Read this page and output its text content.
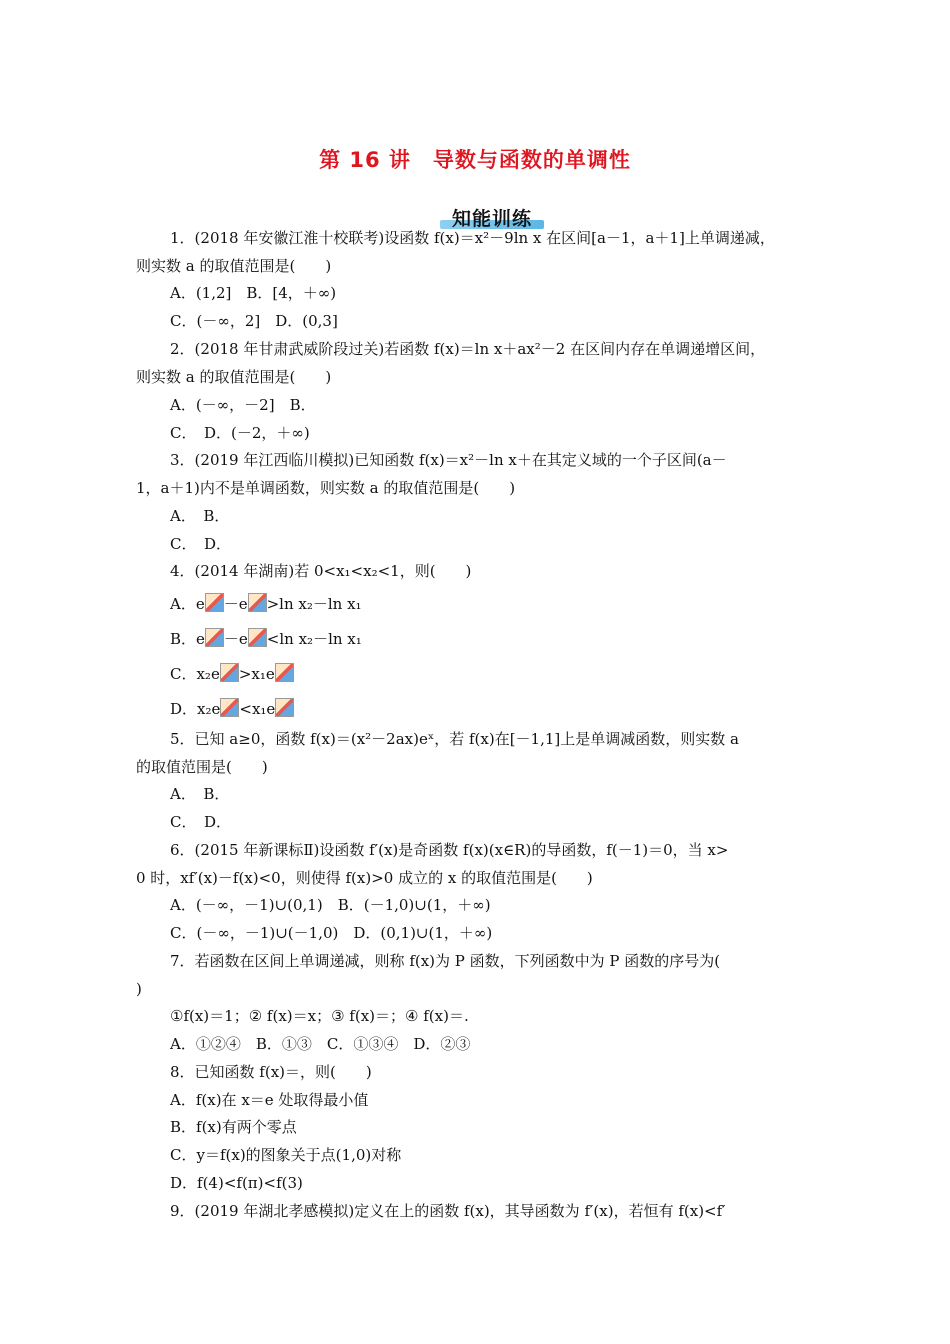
第 16 讲　导数与函数的单调性
知能训练
1．(2018 年安徽江淮十校联考)设函数 f(x)＝x²－9ln x 在区间[a－1，a＋1]上单调递减，
则实数 a 的取值范围是(　　)
A．(1,2]　B．[4，＋∞)
C．(－∞，2]　D．(0,3]
2．(2018 年甘肃武威阶段过关)若函数 f(x)＝ln x＋ax²－2 在区间内存在单调递增区间，
则实数 a 的取值范围是(　　)
A．(－∞，－2]　B．
C．　D．(－2，＋∞)
3．(2019 年江西临川模拟)已知函数 f(x)＝x²－ln x＋在其定义域的一个子区间(a－
1，a＋1)内不是单调函数，则实数 a 的取值范围是(　　)
A．　B．
C．　D．
4．(2014 年湖南)若 0<x₁<x₂<1，则(　　)
A．e －e >ln x₂－ln x₁
B．e －e <ln x₂－ln x₁
C．x₂e >x₁e
D．x₂e <x₁e
5．已知 a≥0，函数 f(x)＝(x²－2ax)eˣ，若 f(x)在[－1,1]上是单调减函数，则实数 a
的取值范围是(　　)
A．　B．
C．　D．
6．(2015 年新课标Ⅱ)设函数 f′(x)是奇函数 f(x)(x∈R)的导函数，f(－1)＝0，当 x>
0 时，xf′(x)－f(x)<0，则使得 f(x)>0 成立的 x 的取值范围是(　　)
A．(－∞，－1)∪(0,1)　B．(－1,0)∪(1，＋∞)
C．(－∞，－1)∪(－1,0)　D．(0,1)∪(1，＋∞)
7．若函数在区间上单调递减，则称 f(x)为 P 函数，下列函数中为 P 函数的序号为(
)
①f(x)＝1；② f(x)＝x；③ f(x)＝；④ f(x)＝.
A．①②④　B．①③　C．①③④　D．②③
8．已知函数 f(x)＝，则(　　)
A．f(x)在 x＝e 处取得最小值
B．f(x)有两个零点
C．y＝f(x)的图象关于点(1,0)对称
D．f(4)<f(π)<f(3)
9．(2019 年湖北孝感模拟)定义在上的函数 f(x)，其导函数为 f′(x)，若恒有 f(x)<f′
